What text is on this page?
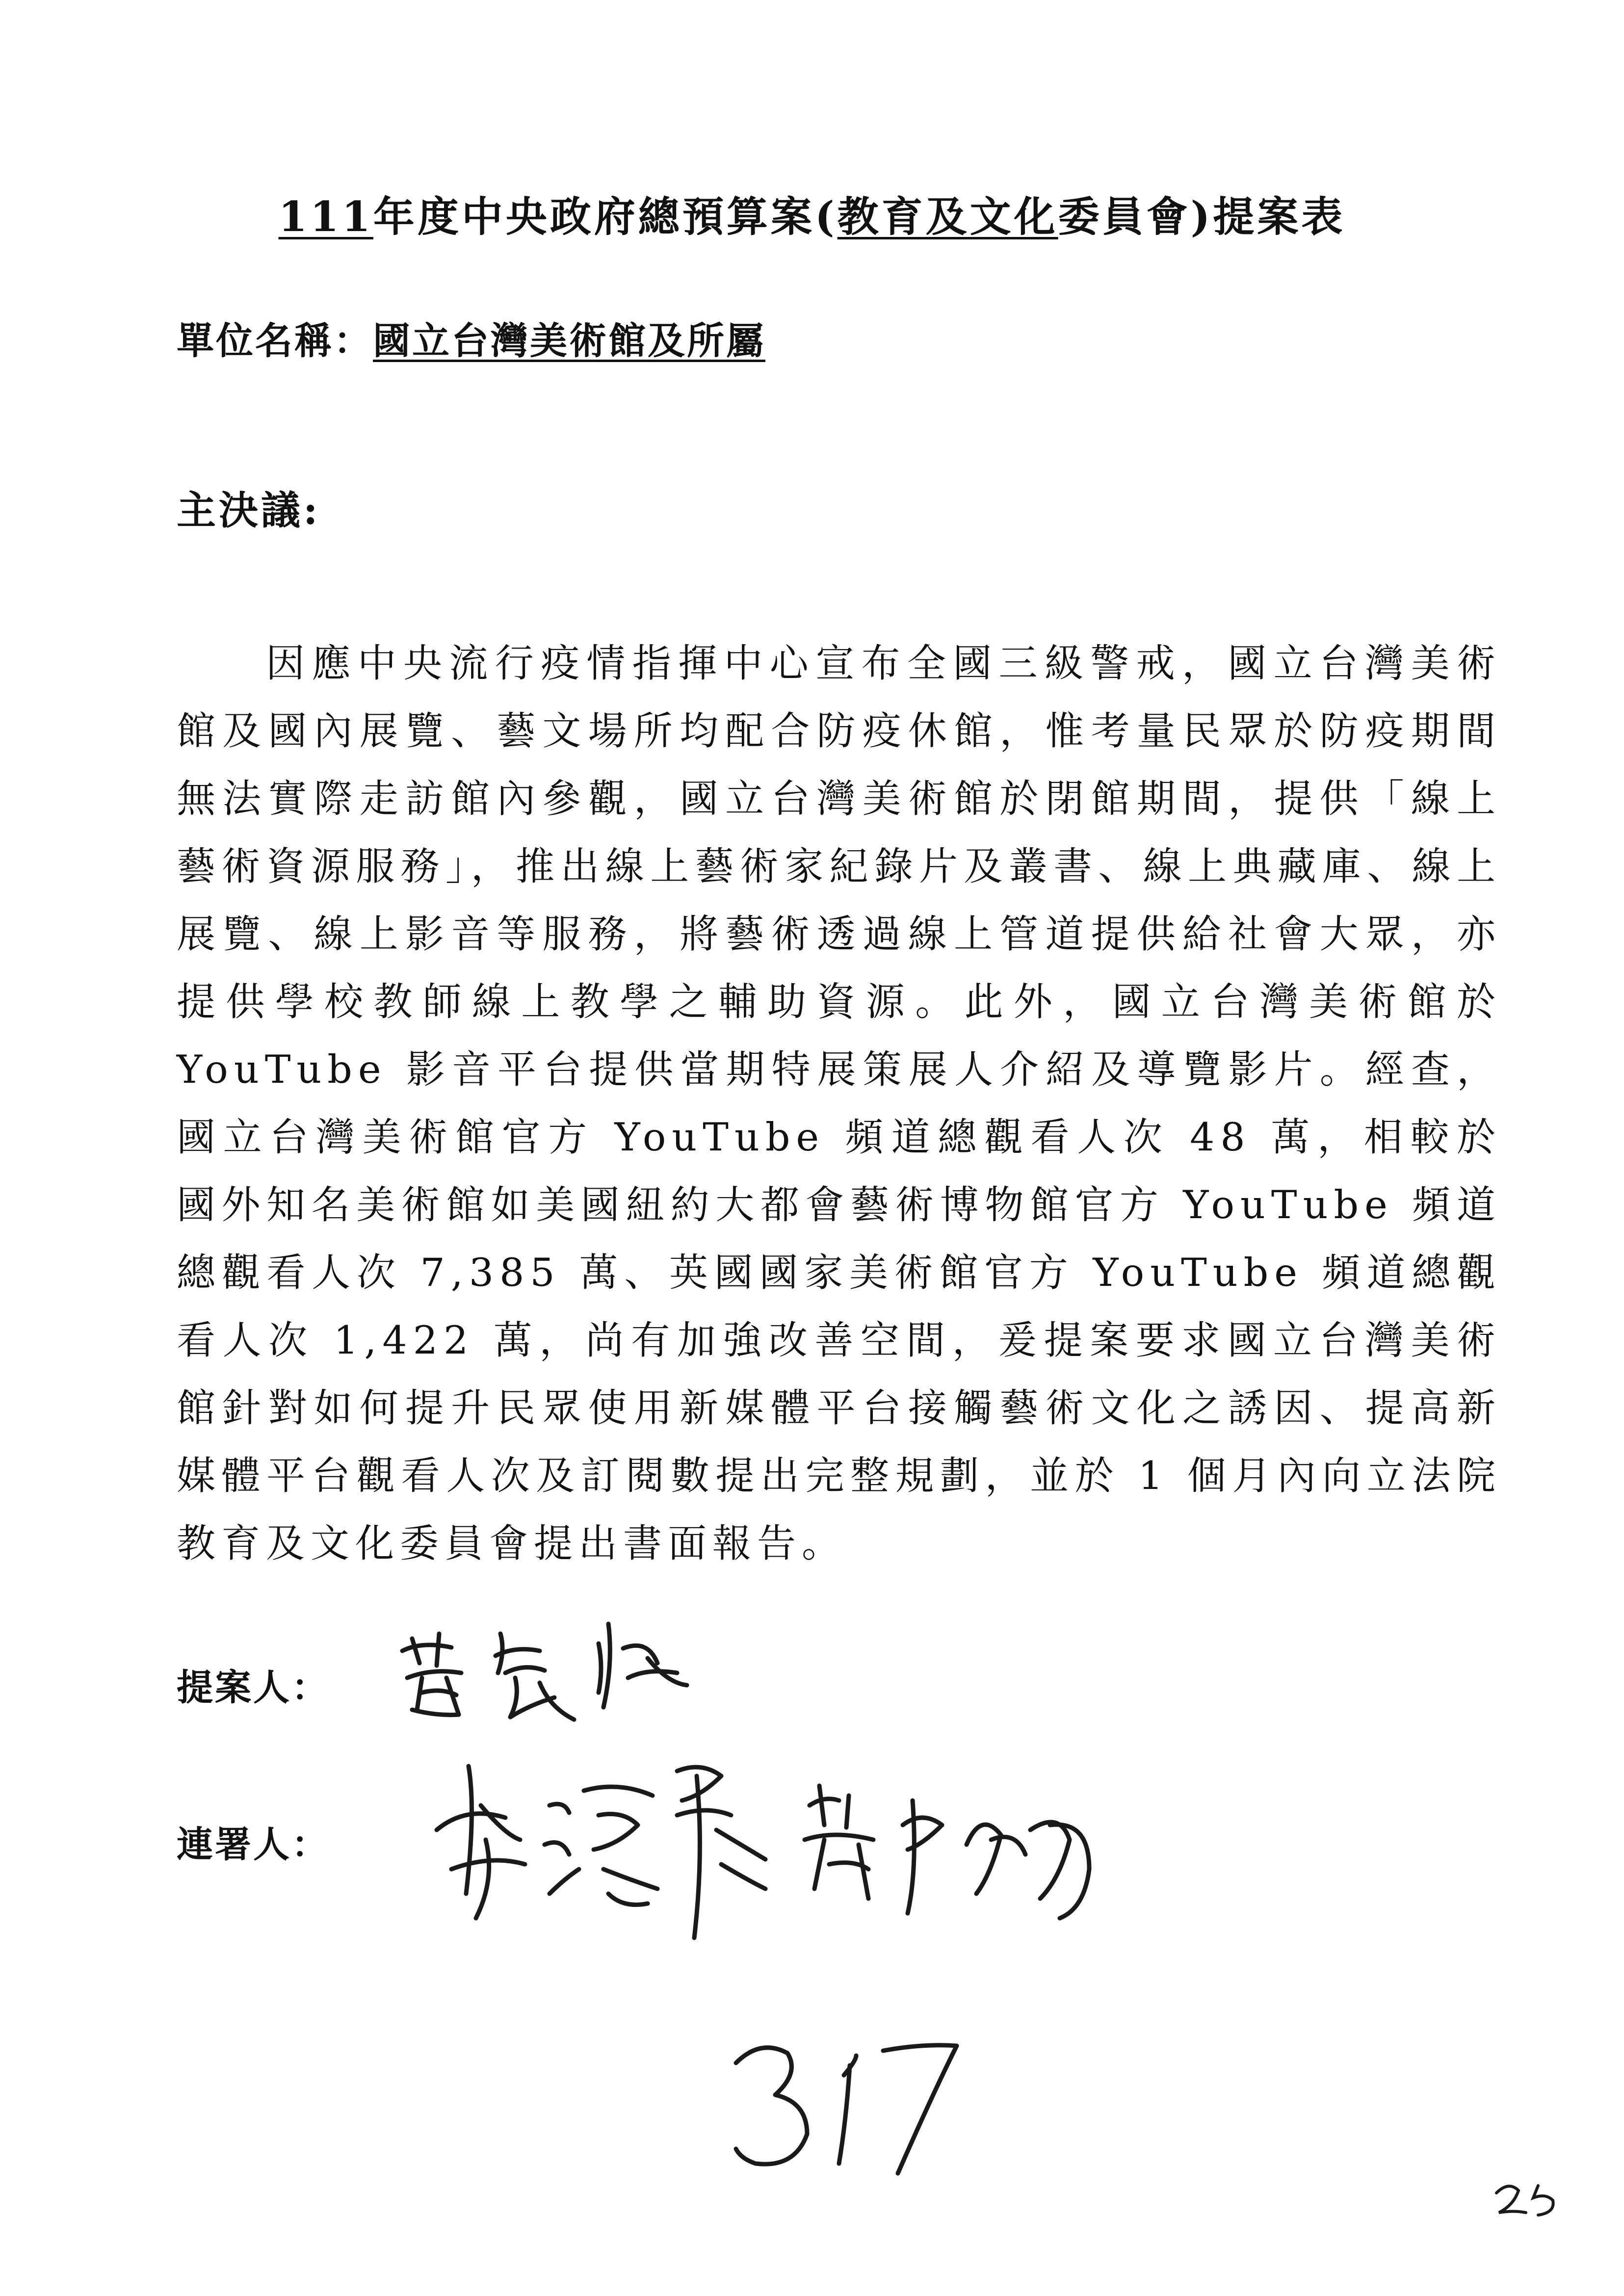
111年度中央政府總預算案(教育及文化委員會)提案表
單位名稱：國立台灣美術館及所屬
主決議:
因應中央流行疫情指揮中心宣布全國三級警戒，國立台灣美術館及國內展覽、藝文場所均配合防疫休館，惟考量民眾於防疫期間無法實際走訪館內參觀，國立台灣美術館於閉館期間，提供「線上藝術資源服務」，推出線上藝術家紀錄片及叢書、線上典藏庫、線上展覽、線上影音等服務，將藝術透過線上管道提供給社會大眾，亦提供學校教師線上教學之輔助資源。此外，國立台灣美術館於 YouTube 影音平台提供當期特展策展人介紹及導覽影片。經查，國立台灣美術館官方 YouTube 頻道總觀看人次 48 萬，相較於國外知名美術館如美國紐約大都會藝術博物館官方 YouTube 頻道總觀看人次 7,385 萬、英國國家美術館官方 YouTube 頻道總觀看人次 1,422 萬，尚有加強改善空間，爰提案要求國立台灣美術館針對如何提升民眾使用新媒體平台接觸藝術文化之誘因、提高新媒體平台觀看人次及訂閱數提出完整規劃，並於 1 個月內向立法院教育及文化委員會提出書面報告。
提案人：
連署人：
